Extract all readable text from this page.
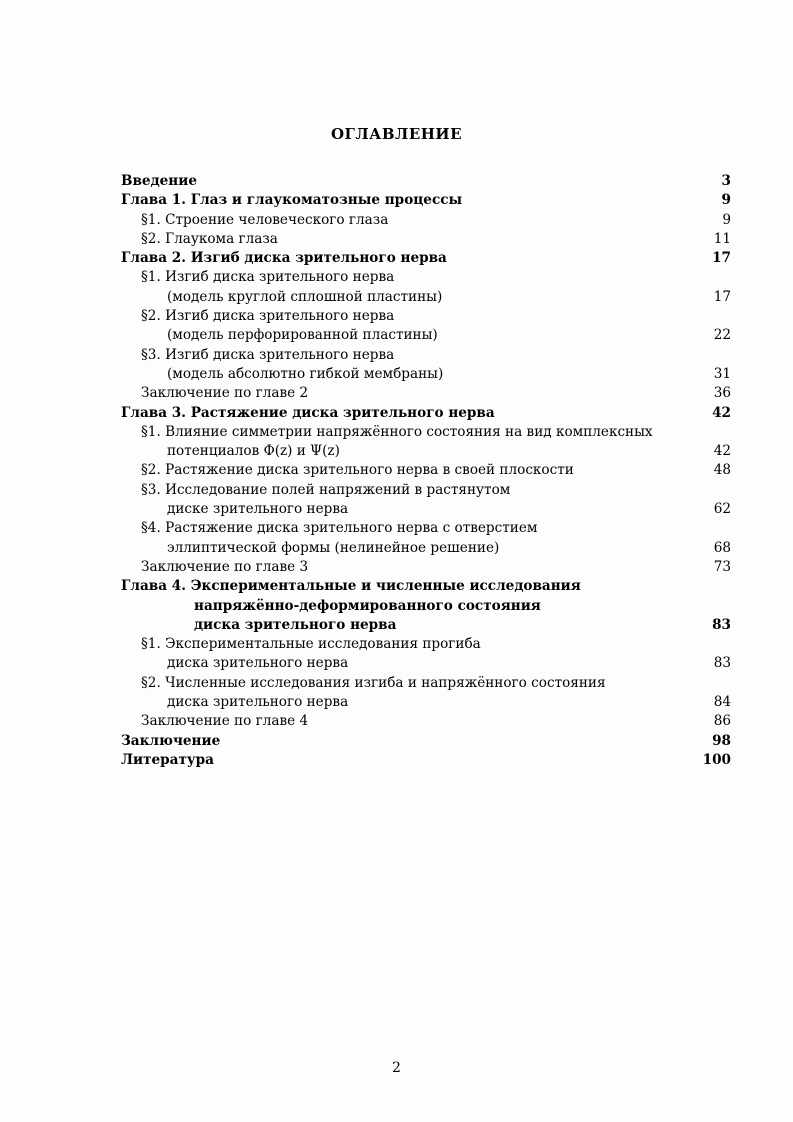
ОГЛАВЛЕНИЕ
Введение	3
Глава 1. Глаз и глаукоматозные процессы	9
§1. Строение человеческого глаза	9
§2. Глаукома глаза	11
Глава 2. Изгиб диска зрительного нерва	17
§1. Изгиб диска зрительного нерва
(модель круглой сплошной пластины)	17
§2. Изгиб диска зрительного нерва
(модель перфорированной пластины)	22
§3. Изгиб диска зрительного нерва
(модель абсолютно гибкой мембраны)	31
Заключение по главе 2	36
Глава 3. Растяжение диска зрительного нерва	42
§1. Влияние симметрии напряжённого состояния на вид комплексных
потенциалов Φ(z) и Ψ(z)	42
§2. Растяжение диска зрительного нерва в своей плоскости	48
§3. Исследование полей напряжений в растянутом
диске зрительного нерва	62
§4. Растяжение диска зрительного нерва с отверстием
эллиптической формы (нелинейное решение)	68
Заключение по главе 3	73
Глава 4. Экспериментальные и численные исследования
напряжённо-деформированного состояния
диска зрительного нерва	83
§1. Экспериментальные исследования прогиба
диска зрительного нерва	83
§2. Численные исследования изгиба и напряжённого состояния
диска зрительного нерва	84
Заключение по главе 4	86
Заключение	98
Литература	100
2
